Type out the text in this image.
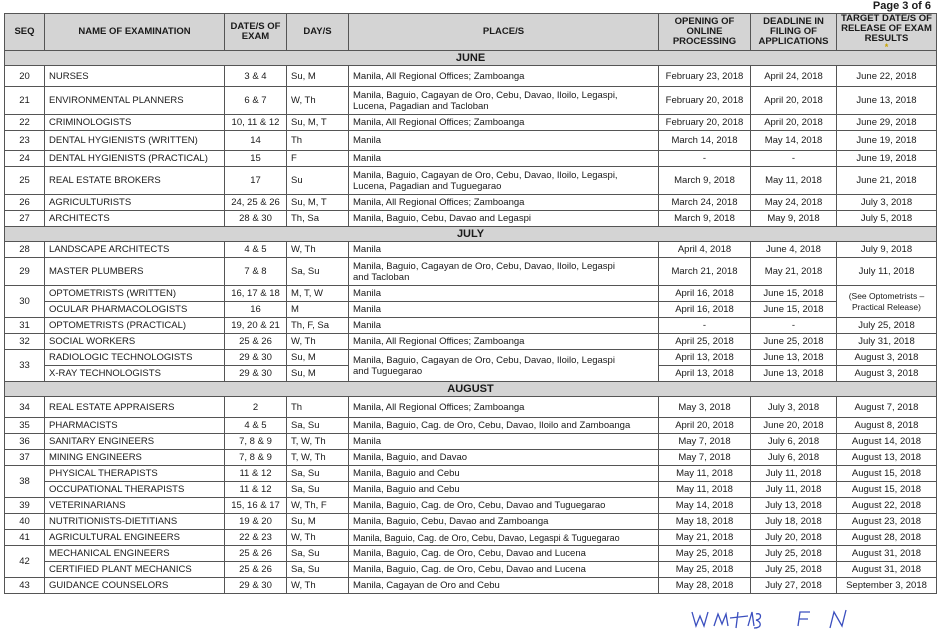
Page 3 of 6
SEQ	NAME OF EXAMINATION	DATE/S OF EXAM	DAY/S	PLACE/S	OPENING OF ONLINE PROCESSING	DEADLINE IN FILING OF APPLICATIONS	TARGET DATE/S OF RELEASE OF EXAM RESULTS
*

JUNE							
20	NURSES	3 & 4	Su, M	Manila, All Regional Offices; Zamboanga	February 23, 2018	April 24, 2018	June 22, 2018
21	ENVIRONMENTAL PLANNERS	6 & 7	W, Th	Manila, Baguio, Cagayan de Oro, Cebu, Davao, Iloilo, Legaspi,
Lucena, Pagadian and Tacloban	February 20, 2018	April 20, 2018	June 13, 2018
22	CRIMINOLOGISTS	10, 11 & 12	Su, M, T	Manila, All Regional Offices; Zamboanga	February 20, 2018	April 20, 2018	June 29, 2018
23	DENTAL HYGIENISTS (WRITTEN)	14	Th	Manila	March 14, 2018	May 14, 2018	June 19, 2018
24	DENTAL HYGIENISTS (PRACTICAL)	15	F	Manila	-	-	June 19, 2018
25	REAL ESTATE BROKERS	17	Su	Manila, Baguio, Cagayan de Oro, Cebu, Davao, Iloilo, Legaspi,
Lucena, Pagadian and Tuguegarao	March 9, 2018	May 11, 2018	June 21, 2018
26	AGRICULTURISTS	24, 25 & 26	Su, M, T	Manila, All Regional Offices; Zamboanga	March 24, 2018	May 24, 2018	July 3, 2018
27	ARCHITECTS	28 & 30	Th, Sa	Manila, Baguio, Cebu, Davao and Legaspi	March 9, 2018	May 9, 2018	July 5, 2018
JULY							
28	LANDSCAPE ARCHITECTS	4 & 5	W, Th	Manila	April 4, 2018	June 4, 2018	July 9, 2018
29	MASTER PLUMBERS	7 & 8	Sa, Su	Manila, Baguio, Cagayan de Oro, Cebu, Davao, Iloilo, Legaspi
and Tacloban	March 21, 2018	May 21, 2018	July 11, 2018
30	OPTOMETRISTS (WRITTEN)	16, 17 & 18	M, T, W	Manila	April 16, 2018	June 15, 2018	(See Optometrists –
Practical Release)

	OCULAR PHARMACOLOGISTS	16	M	Manila	April 16, 2018	June 15, 2018	
31	OPTOMETRISTS (PRACTICAL)	19, 20 & 21	Th, F, Sa	Manila	-	-	July 25, 2018
32	SOCIAL WORKERS	25 & 26	W, Th	Manila, All Regional Offices; Zamboanga	April 25, 2018	June 25, 2018	July 31, 2018
33	RADIOLOGIC TECHNOLOGISTS	29 & 30	Su, M	Manila, Baguio, Cagayan de Oro, Cebu, Davao, Iloilo, Legaspi
and Tuguegarao	April 13, 2018	June 13, 2018	August 3, 2018
	X-RAY TECHNOLOGISTS	29 & 30	Su, M		April 13, 2018	June 13, 2018	August 3, 2018
AUGUST							
34	REAL ESTATE APPRAISERS	2	Th	Manila, All Regional Offices; Zamboanga	May 3, 2018	July 3, 2018	August 7, 2018
35	PHARMACISTS	4 & 5	Sa, Su	Manila, Baguio, Cag. de Oro, Cebu, Davao, Iloilo and Zamboanga	April 20, 2018	June 20, 2018	August 8, 2018
36	SANITARY ENGINEERS	7, 8 & 9	T, W, Th	Manila	May 7, 2018	July 6, 2018	August 14, 2018
37	MINING ENGINEERS	7, 8 & 9	T, W, Th	Manila, Baguio, and Davao	May 7, 2018	July 6, 2018	August 13, 2018
38	PHYSICAL THERAPISTS	11 & 12	Sa, Su	Manila, Baguio and Cebu	May 11, 2018	July 11, 2018	August 15, 2018
	OCCUPATIONAL THERAPISTS	11 & 12	Sa, Su	Manila, Baguio and Cebu	May 11, 2018	July 11, 2018	August 15, 2018
39	VETERINARIANS	15, 16 & 17	W, Th, F	Manila, Baguio, Cag. de Oro, Cebu, Davao and Tuguegarao	May 14, 2018	July 13, 2018	August 22, 2018
40	NUTRITIONISTS-DIETITIANS	19 & 20	Su, M	Manila, Baguio, Cebu, Davao and Zamboanga	May 18, 2018	July 18, 2018	August 23, 2018
41	AGRICULTURAL ENGINEERS	22 & 23	W, Th	Manila, Baguio, Cag. de Oro, Cebu, Davao, Legaspi & Tuguegarao	May 21, 2018	July 20, 2018	August 28, 2018
42	MECHANICAL ENGINEERS	25 & 26	Sa, Su	Manila, Baguio, Cag. de Oro, Cebu, Davao and Lucena	May 25, 2018	July 25, 2018	August 31, 2018
	CERTIFIED PLANT MECHANICS	25 & 26	Sa, Su	Manila, Baguio, Cag. de Oro, Cebu, Davao and Lucena	May 25, 2018	July 25, 2018	August 31, 2018
43	GUIDANCE COUNSELORS	29 & 30	W, Th	Manila, Cagayan de Oro and Cebu	May 28, 2018	July 27, 2018	September 3, 2018
